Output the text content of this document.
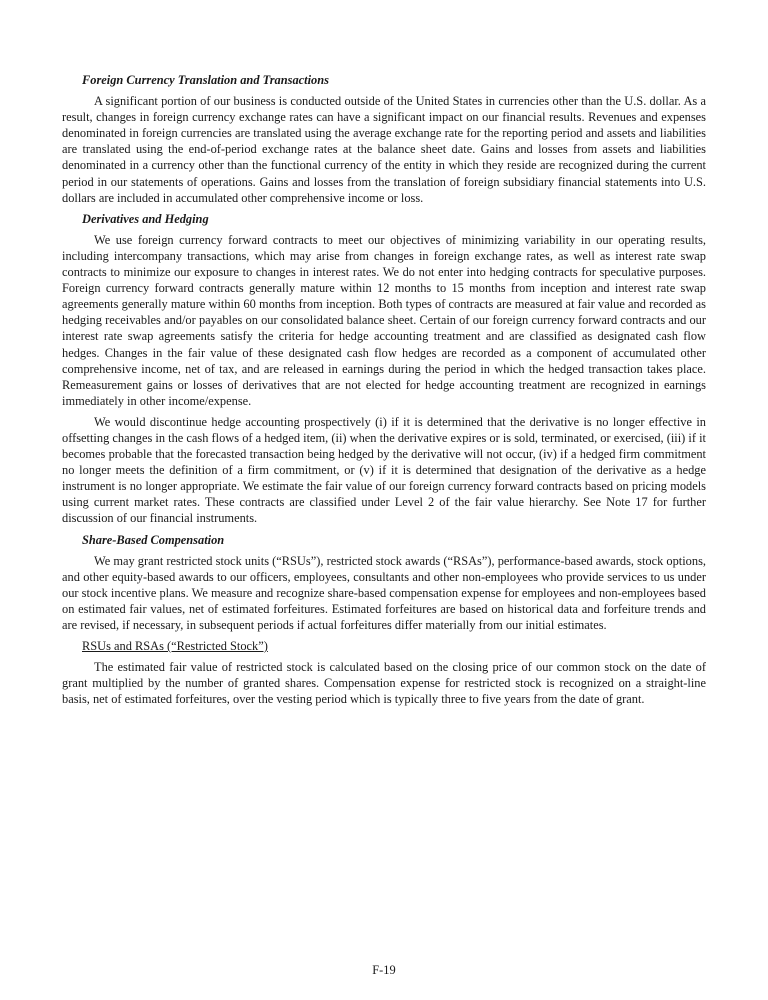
Foreign Currency Translation and Transactions

A significant portion of our business is conducted outside of the United States in currencies other than the U.S. dollar. As a result, changes in foreign currency exchange rates can have a significant impact on our financial results. Revenues and expenses denominated in foreign currencies are translated using the average exchange rate for the reporting period and assets and liabilities are translated using the end-of-period exchange rates at the balance sheet date. Gains and losses from assets and liabilities denominated in a currency other than the functional currency of the entity in which they reside are recognized during the current period in our statements of operations. Gains and losses from the translation of foreign subsidiary financial statements into U.S. dollars are included in accumulated other comprehensive income or loss.

Derivatives and Hedging

We use foreign currency forward contracts to meet our objectives of minimizing variability in our operating results, including intercompany transactions, which may arise from changes in foreign exchange rates, as well as interest rate swap contracts to minimize our exposure to changes in interest rates. We do not enter into hedging contracts for speculative purposes. Foreign currency forward contracts generally mature within 12 months to 15 months from inception and interest rate swap agreements generally mature within 60 months from inception. Both types of contracts are measured at fair value and recorded as hedging receivables and/or payables on our consolidated balance sheet. Certain of our foreign currency forward contracts and our interest rate swap agreements satisfy the criteria for hedge accounting treatment and are classified as designated cash flow hedges. Changes in the fair value of these designated cash flow hedges are recorded as a component of accumulated other comprehensive income, net of tax, and are released in earnings during the period in which the hedged transaction takes place. Remeasurement gains or losses of derivatives that are not elected for hedge accounting treatment are recognized in earnings immediately in other income/expense.

We would discontinue hedge accounting prospectively (i) if it is determined that the derivative is no longer effective in offsetting changes in the cash flows of a hedged item, (ii) when the derivative expires or is sold, terminated, or exercised, (iii) if it becomes probable that the forecasted transaction being hedged by the derivative will not occur, (iv) if a hedged firm commitment no longer meets the definition of a firm commitment, or (v) if it is determined that designation of the derivative as a hedge instrument is no longer appropriate. We estimate the fair value of our foreign currency forward contracts based on pricing models using current market rates. These contracts are classified under Level 2 of the fair value hierarchy. See Note 17 for further discussion of our financial instruments.

Share-Based Compensation

We may grant restricted stock units (“RSUs”), restricted stock awards (“RSAs”), performance-based awards, stock options, and other equity-based awards to our officers, employees, consultants and other non-employees who provide services to us under our stock incentive plans. We measure and recognize share-based compensation expense for employees and non-employees based on estimated fair values, net of estimated forfeitures. Estimated forfeitures are based on historical data and forfeiture trends and are revised, if necessary, in subsequent periods if actual forfeitures differ materially from our initial estimates.

RSUs and RSAs (“Restricted Stock”)

The estimated fair value of restricted stock is calculated based on the closing price of our common stock on the date of grant multiplied by the number of granted shares. Compensation expense for restricted stock is recognized on a straight-line basis, net of estimated forfeitures, over the vesting period which is typically three to five years from the date of grant.

F-19
